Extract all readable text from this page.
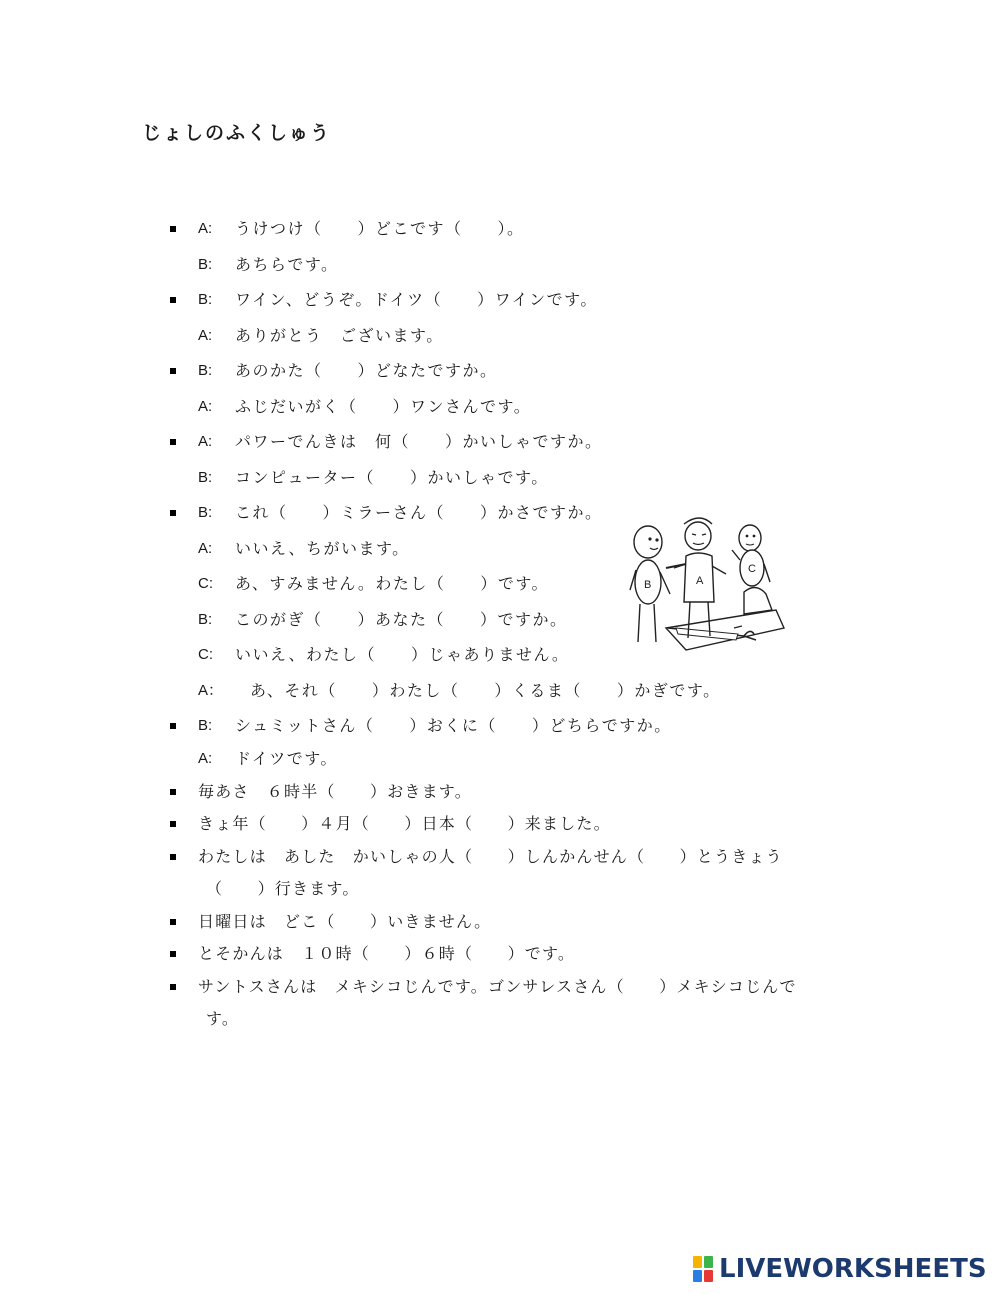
じょしのふくしゅう
A: うけつけ（　　）どこです（　　）。
B: あちらです。
B: ワイン、どうぞ。ドイツ（　　）ワインです。
A: ありがとう　ございます。
B: あのかた（　　）どなたですか。
A: ふじだいがく（　　）ワンさんです。
A: パワーでんきは　何（　　）かいしゃですか。
B: コンピューター（　　）かいしゃです。
B: これ（　　）ミラーさん（　　）かさですか。
A: いいえ、ちがいます。
C: あ、すみません。わたし（　　）です。
B: このがぎ（　　）あなた（　　）ですか。
C: いいえ、わたし（　　）じゃありません。
A： あ、それ（　　）わたし（　　）くるま（　　）かぎです。
B: シュミットさん（　　）おくに（　　）どちらですか。
A: ドイツです。
毎あさ　６時半（　　）おきます。
きょ年（　　）４月（　　）日本（　　）来ました。
わたしは　あした　かいしゃの人（　　）しんかんせん（　　）とうきょう
（　　）行きます。
日曜日は　どこ（　　）いきません。
とそかんは　１０時（　　）６時（　　）です。
サントスさんは　メキシコじんです。ゴンサレスさん（　　）メキシコじんで
す。
B	A
C
LIVEWORKSHEETS
